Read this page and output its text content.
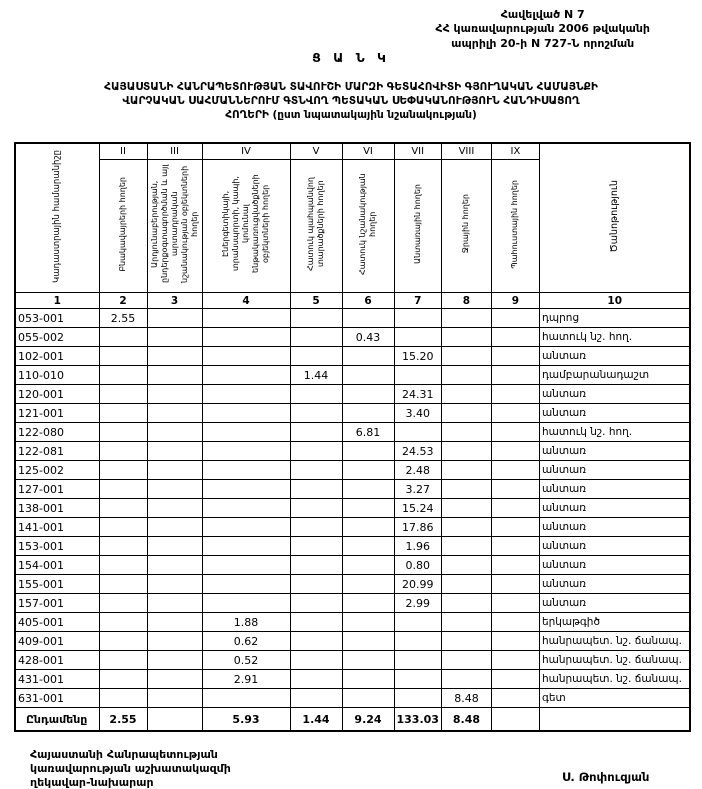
Հավելված N 7
ՀՀ կառավարության 2006 թվականի
ապրիլի 20-ի N 727-Ն որոշման
Ց Ա Ն Կ
ՀԱՅԱՍՏԱՆԻ ՀԱՆՐԱՊԵՏՈՒԹՅԱՆ ՏԱՎՈՒՇԻ ՄԱՐԶԻ ԳԵՏԱՀՈՎԻՏԻ ԳՅՈՒՂԱԿԱՆ ՀԱՄԱՅՆՔԻ
ՎԱՐՉԱԿԱՆ ՍԱՀՄԱՆՆԵՐՈՒՄ ԳՏՆՎՈՂ ՊԵՏԱԿԱՆ ՍԵՓԱԿԱՆՈՒԹՅՈՒՆ ՀԱՆԴԻՍԱՑՈՂ
ՀՈՂԵՐԻ (ըստ նպատակային նշանակության)
Կադաստրային համարանիշը	II	III	IV	V	VI	VII	VIII	IX	Ծանոթություն
	Բնակավայրերի հողեր	Արդյունաբերության, ընդերքօգտագործման և այլ արտադրական նշանակության օբյեկտների հողեր	Էներգետիկայի, տրանսպորտի, կապի, կոմունալ ենթակառուցվածքների օբյեկտների հողեր	Հատուկ պահպանվող տարածքների հողեր	Հատուկ նշանակության հողեր	Անտառային հողեր	Ջրային հողեր	Պահուստային հողեր	
1	2	3	4	5	6	7	8	9	10
053-001	2.55								դպրոց
055-002					0.43				հատուկ նշ. հող.
102-001						15.20			անտառ
110-010				1.44					դամբարանադաշտ
120-001						24.31			անտառ
121-001						3.40			անտառ
122-080					6.81				հատուկ նշ. հող.
122-081						24.53			անտառ
125-002						2.48			անտառ
127-001						3.27			անտառ
138-001						15.24			անտառ
141-001						17.86			անտառ
153-001						1.96			անտառ
154-001						0.80			անտառ
155-001						20.99			անտառ
157-001						2.99			անտառ
405-001			1.88						երկաթգիծ
409-001			0.62						հանրապետ. նշ. ճանապ.
428-001			0.52						հանրապետ. նշ. ճանապ.
431-001			2.91						հանրապետ. նշ. ճանապ.
631-001							8.48		գետ
Ընդամենը	2.55		5.93	1.44	9.24	133.03	8.48		
Հայաստանի Հանրապետության
կառավարության աշխատակազմի
ղեկավար-նախարար	Ս. Թոփուզյան
